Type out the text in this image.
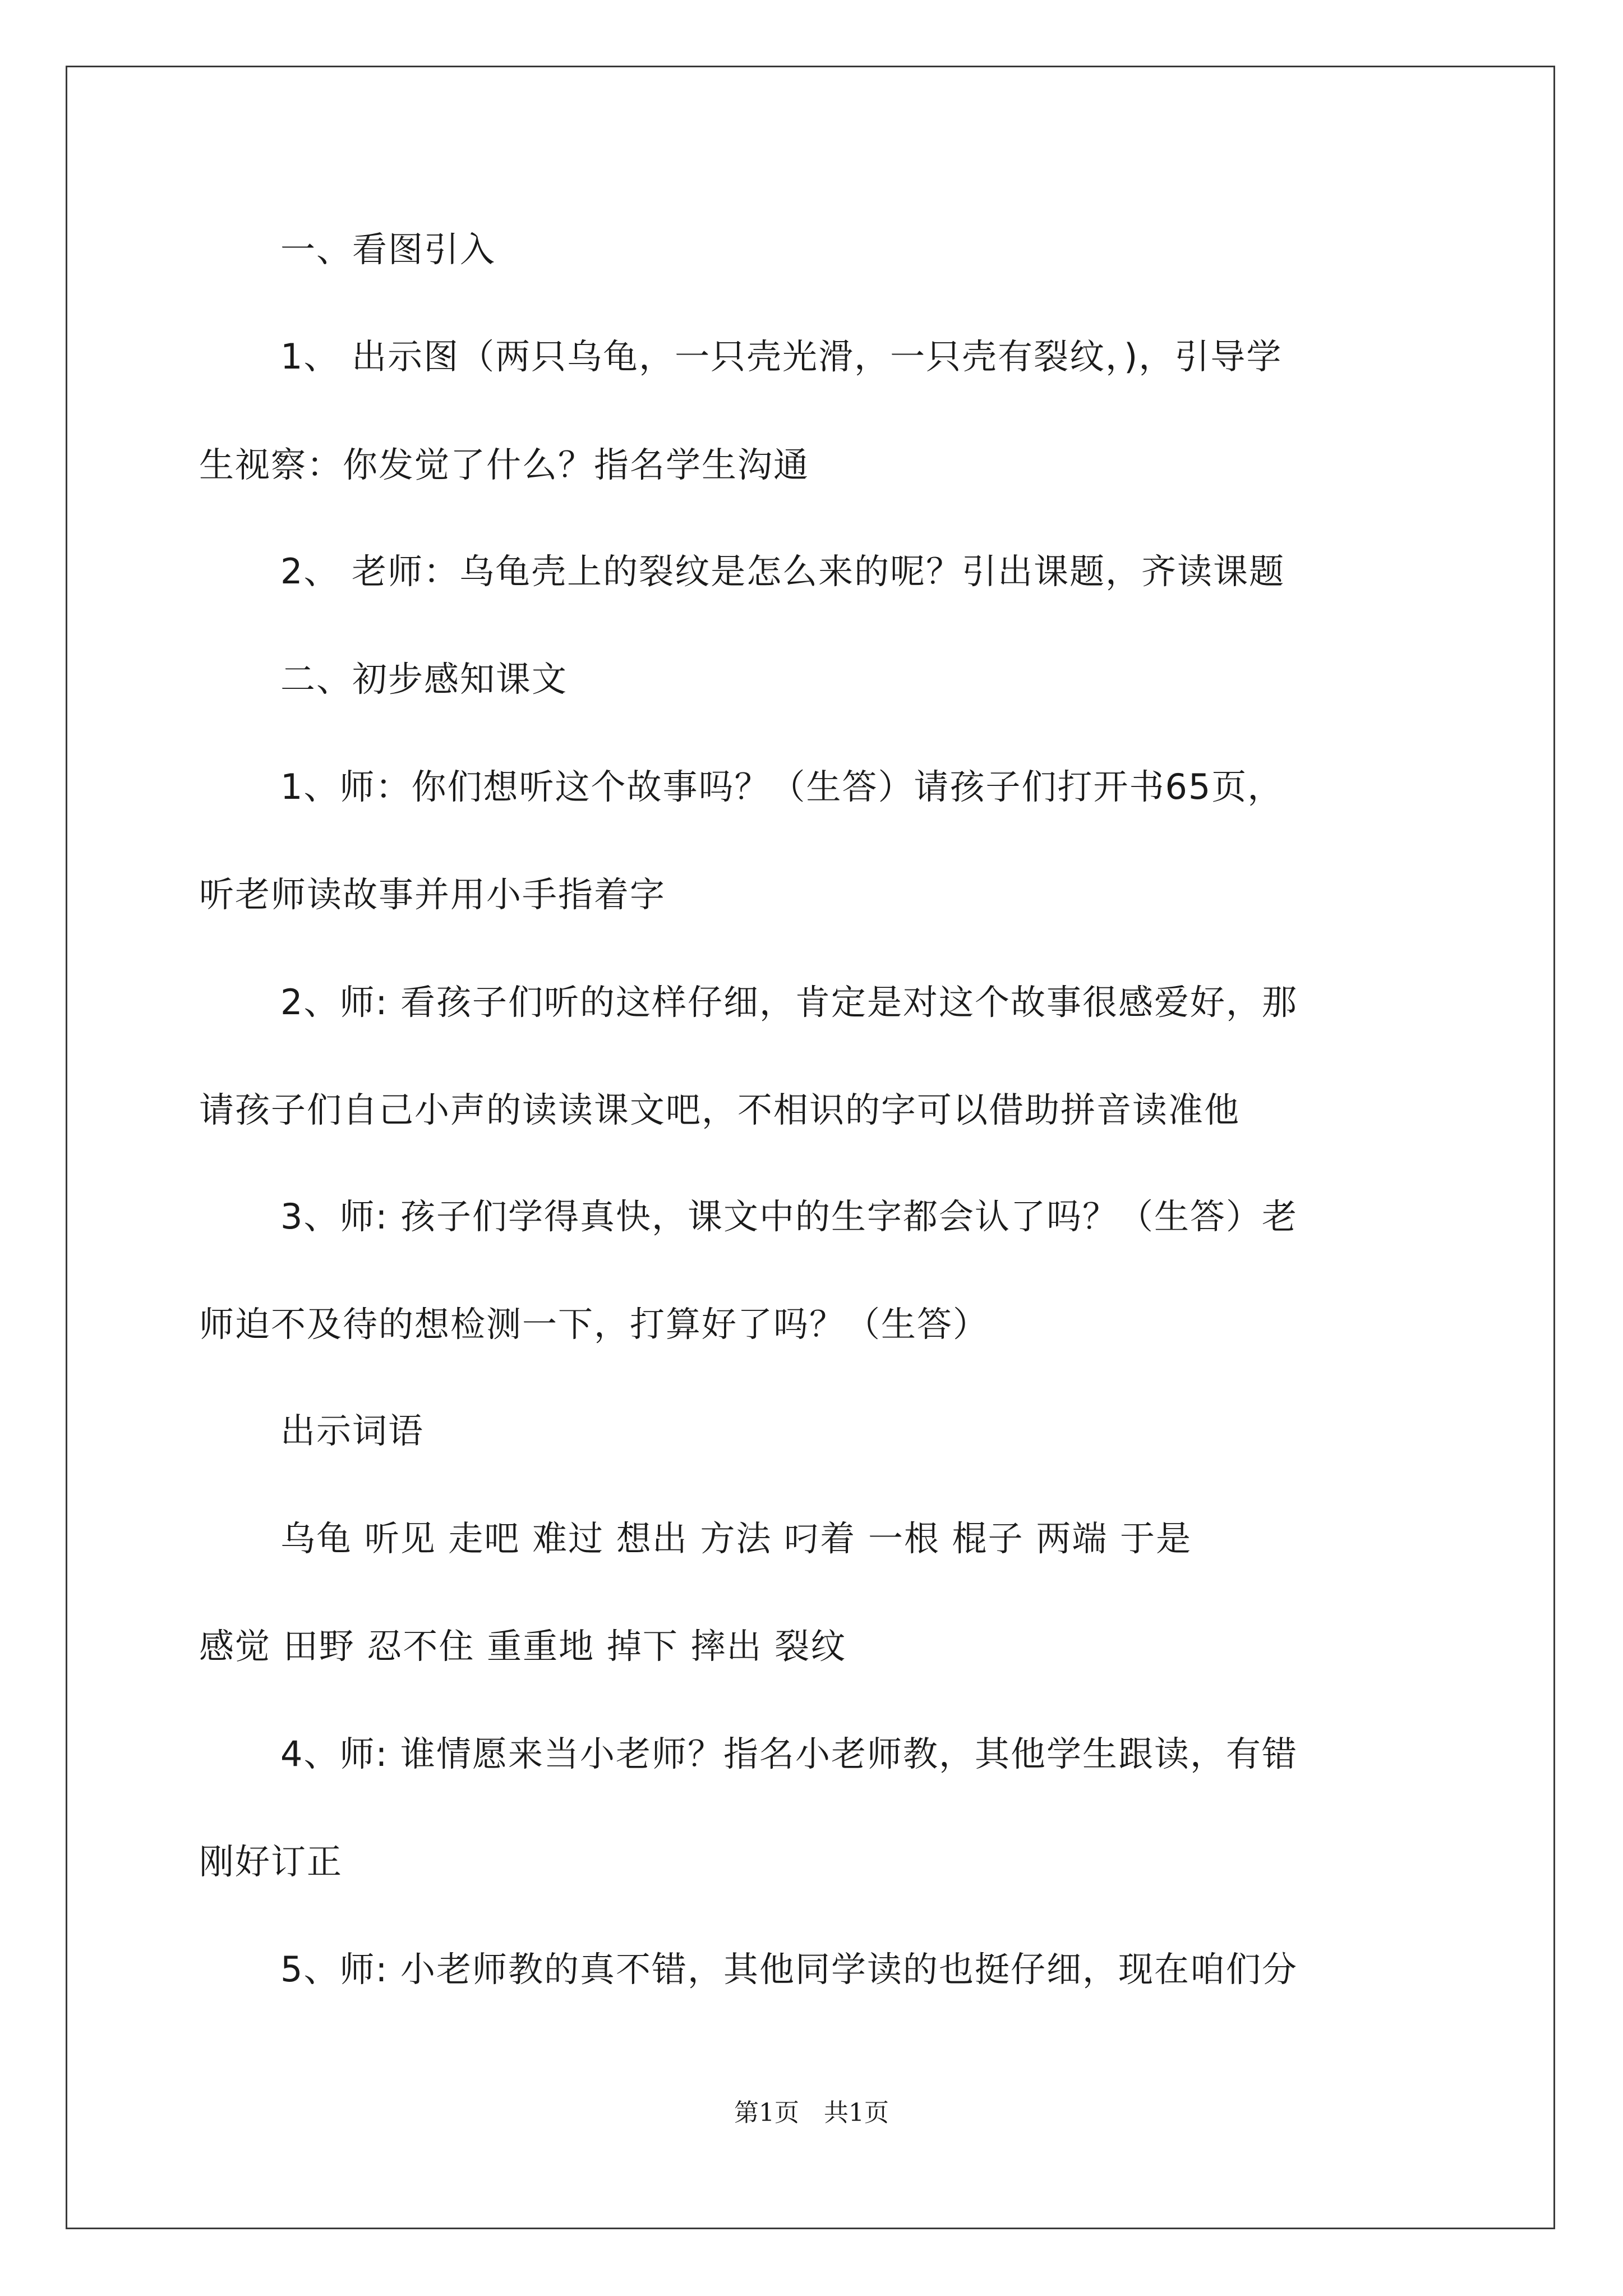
一、看图引入
1、 出示图（两只乌龟，一只壳光滑，一只壳有裂纹，)，引导学
生视察：你发觉了什么？指名学生沟通
2、 老师：乌龟壳上的裂纹是怎么来的呢？引出课题，齐读课题
二、初步感知课文
1、师：你们想听这个故事吗？（生答）请孩子们打开书65页，
听老师读故事并用小手指着字
2、师: 看孩子们听的这样仔细，肯定是对这个故事很感爱好，那
请孩子们自己小声的读读课文吧，不相识的字可以借助拼音读准他
3、师: 孩子们学得真快，课文中的生字都会认了吗？（生答）老
师迫不及待的想检测一下，打算好了吗？（生答）
出示词语
乌龟 听见 走吧 难过 想出 方法 叼着 一根 棍子 两端 于是
感觉 田野 忍不住 重重地 掉下 摔出 裂纹
4、师: 谁情愿来当小老师？指名小老师教，其他学生跟读，有错
刚好订正
5、师: 小老师教的真不错，其他同学读的也挺仔细，现在咱们分
第1页　共1页
